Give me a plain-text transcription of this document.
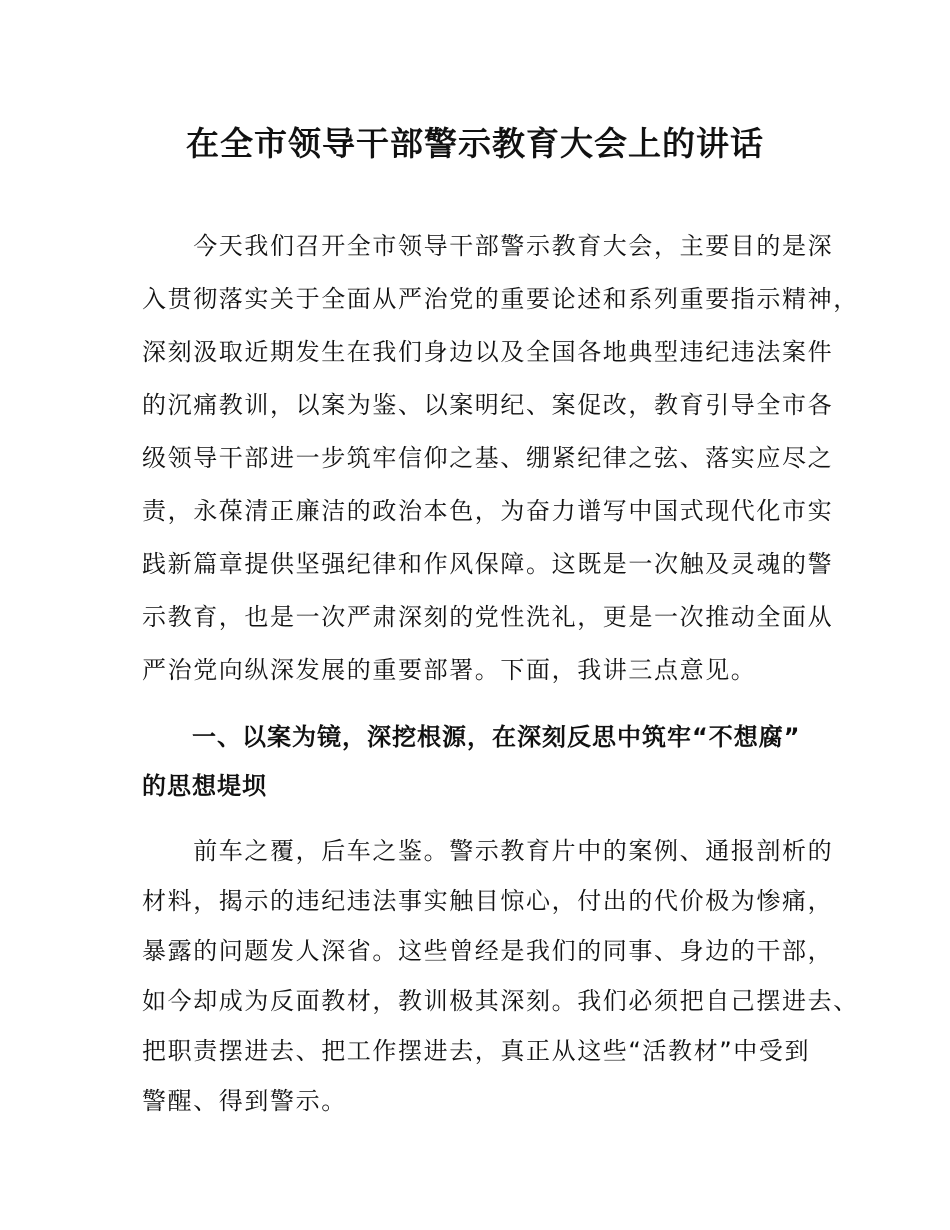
在全市领导干部警示教育大会上的讲话
　　今天我们召开全市领导干部警示教育大会，主要目的是深
入贯彻落实关于全面从严治党的重要论述和系列重要指示精神，
深刻汲取近期发生在我们身边以及全国各地典型违纪违法案件
的沉痛教训，以案为鉴、以案明纪、案促改，教育引导全市各
级领导干部进一步筑牢信仰之基、绷紧纪律之弦、落实应尽之
责，永葆清正廉洁的政治本色，为奋力谱写中国式现代化市实
践新篇章提供坚强纪律和作风保障。这既是一次触及灵魂的警
示教育，也是一次严肃深刻的党性洗礼，更是一次推动全面从
严治党向纵深发展的重要部署。下面，我讲三点意见。
　　一、以案为镜，深挖根源，在深刻反思中筑牢“不想腐”
的思想堤坝
　　前车之覆，后车之鉴。警示教育片中的案例、通报剖析的
材料，揭示的违纪违法事实触目惊心，付出的代价极为惨痛，
暴露的问题发人深省。这些曾经是我们的同事、身边的干部，
如今却成为反面教材，教训极其深刻。我们必须把自己摆进去、
把职责摆进去、把工作摆进去，真正从这些“活教材”中受到
警醒、得到警示。
